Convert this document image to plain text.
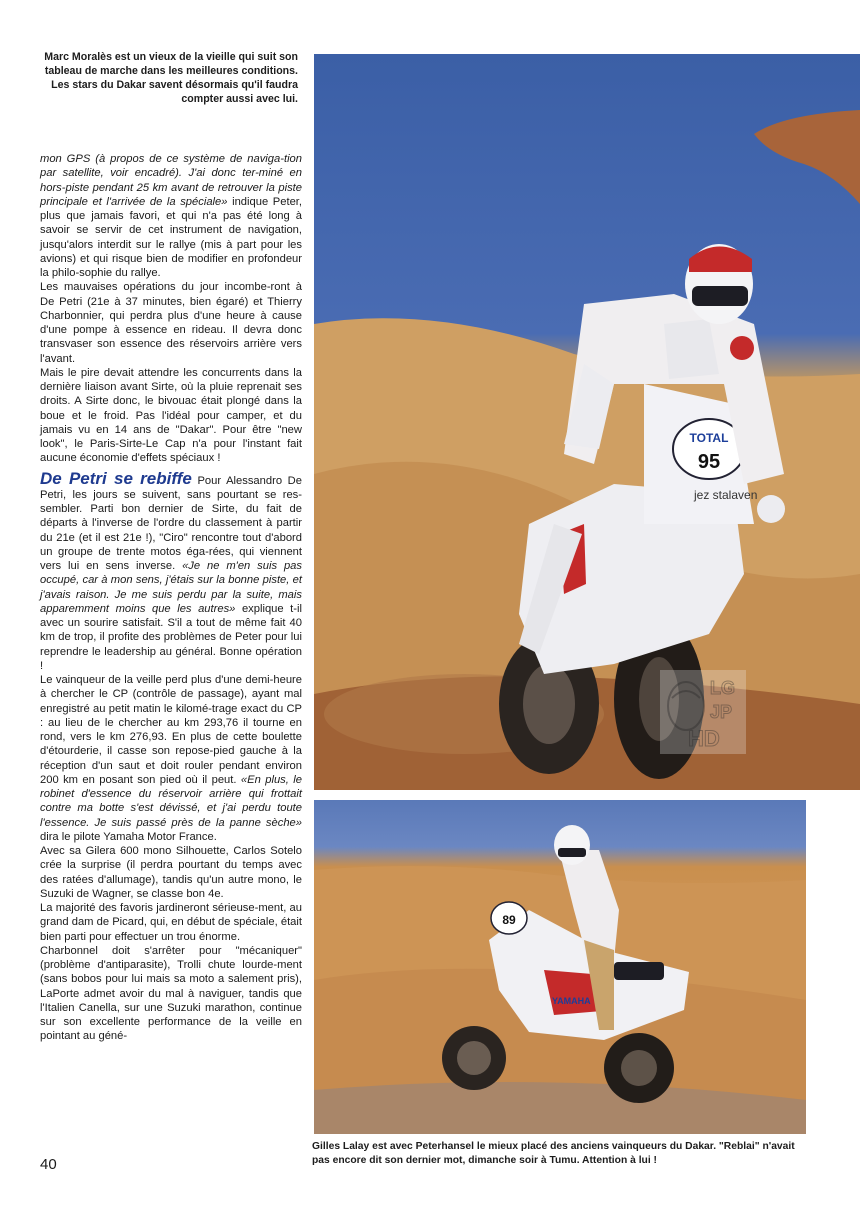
Marc Moralès est un vieux de la vieille qui suit son tableau de marche dans les meilleures conditions. Les stars du Dakar savent désormais qu'il faudra compter aussi avec lui.

mon GPS (à propos de ce système de naviga-tion par satellite, voir encadré). J'ai donc ter-miné en hors-piste pendant 25 km avant de retrouver la piste principale et l'arrivée de la spéciale» indique Peter, plus que jamais favori, et qui n'a pas été long à savoir se servir de cet instrument de navigation, jusqu'alors interdit sur le rallye (mis à part pour les avions) et qui risque bien de modifier en profondeur la philo-sophie du rallye.

Les mauvaises opérations du jour incombe-ront à De Petri (21e à 37 minutes, bien égaré) et Thierry Charbonnier, qui perdra plus d'une heure à cause d'une pompe à essence en rideau. Il devra donc transvaser son essence des réservoirs arrière vers l'avant.

Mais le pire devait attendre les concurrents dans la dernière liaison avant Sirte, où la pluie reprenait ses droits. A Sirte donc, le bivouac était plongé dans la boue et le froid. Pas l'idéal pour camper, et du jamais vu en 14 ans de "Dakar". Pour être "new look", le Paris-Sirte-Le Cap n'a pour l'instant fait aucune économie d'effets spéciaux !

De Petri se rebiffe Pour Alessandro De Petri, les jours se suivent, sans pourtant se res-sembler. Parti bon dernier de Sirte, du fait de départs à l'inverse de l'ordre du classement à partir du 21e (et il est 21e !), "Ciro" rencontre tout d'abord un groupe de trente motos éga-rées, qui viennent vers lui en sens inverse. «Je ne m'en suis pas occupé, car à mon sens, j'étais sur la bonne piste, et j'avais raison. Je me suis perdu par la suite, mais apparemment moins que les autres» explique t-il avec un sourire satisfait. S'il a tout de même fait 40 km de trop, il profite des problèmes de Peter pour lui reprendre le leadership au général. Bonne opération !

Le vainqueur de la veille perd plus d'une demi-heure à chercher le CP (contrôle de passage), ayant mal enregistré au petit matin le kilomé-trage exact du CP : au lieu de le chercher au km 293,76 il tourne en rond, vers le km 276,93. En plus de cette boulette d'étourderie, il casse son repose-pied gauche à la réception d'un saut et doit rouler pendant environ 200 km en posant son pied où il peut. «En plus, le robinet d'essence du réservoir arrière qui frottait contre ma botte s'est dévissé, et j'ai perdu toute l'essence. Je suis passé près de la panne sèche» dira le pilote Yamaha Motor France.

Avec sa Gilera 600 mono Silhouette, Carlos Sotelo crée la surprise (il perdra pourtant du temps avec des ratées d'allumage), tandis qu'un autre mono, le Suzuki de Wagner, se classe bon 4e.

La majorité des favoris jardineront sérieuse-ment, au grand dam de Picard, qui, en début de spéciale, était bien parti pour effectuer un trou énorme.

Charbonnel doit s'arrêter pour "mécaniquer" (problème d'antiparasite), Trolli chute lourde-ment (sans bobos pour lui mais sa moto a salement pris), LaPorte admet avoir du mal à naviguer, tandis que l'Italien Canella, sur une Suzuki marathon, continue sur son excellente performance de la veille en pointant au géné-

TOTAL
95
jez stalaven
LG
JP
HD
89
YAMAHA
Gilles Lalay est avec Peterhansel le mieux placé des anciens vainqueurs du Dakar. "Reblai" n'avait pas encore dit son dernier mot, dimanche soir à Tumu. Attention à lui !
40
